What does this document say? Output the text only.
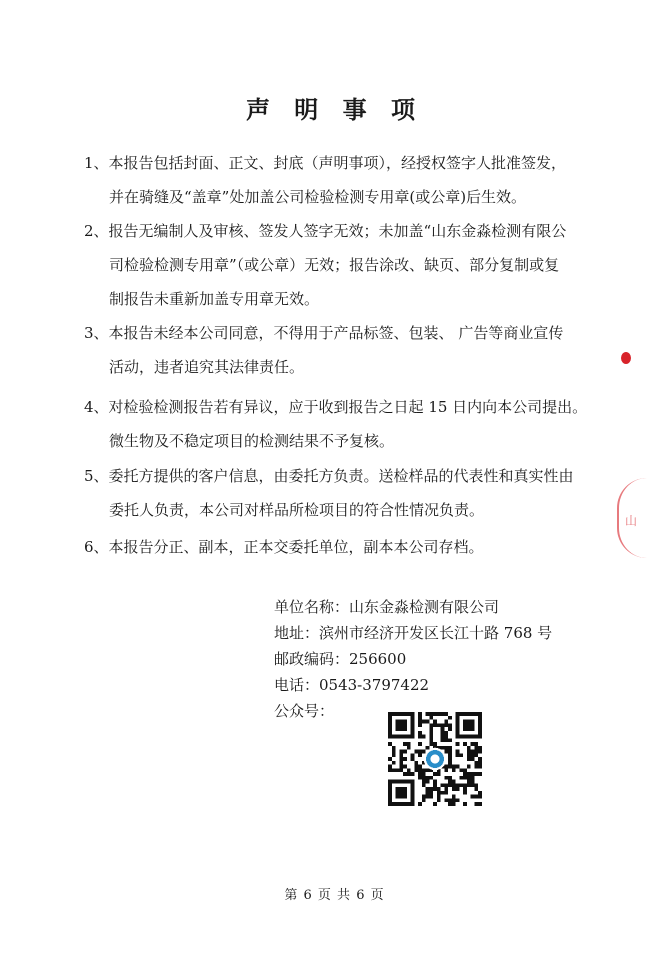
声 明 事 项

1、本报告包括封面、正文、封底（声明事项），经授权签字人批准签发，

并在骑缝及“盖章”处加盖公司检验检测专用章(或公章)后生效。

2、报告无编制人及审核、签发人签字无效；未加盖“山东金淼检测有限公

司检验检测专用章”（或公章）无效；报告涂改、缺页、部分复制或复
制报告未重新加盖专用章无效。

3、本报告未经本公司同意，不得用于产品标签、包装、 广告等商业宣传

活动，违者追究其法律责任。

4、对检验检测报告若有异议，应于收到报告之日起 15 日内向本公司提出。

微生物及不稳定项目的检测结果不予复核。

5、委托方提供的客户信息，由委托方负责。送检样品的代表性和真实性由

委托人负责，本公司对样品所检项目的符合性情况负责。

6、本报告分正、副本，正本交委托单位，副本本公司存档。

单位名称：山东金淼检测有限公司
地址：滨州市经济开发区长江十路 768 号
邮政编码：256600
电话：0543-3797422
公众号：
山
第 6 页 共 6 页
